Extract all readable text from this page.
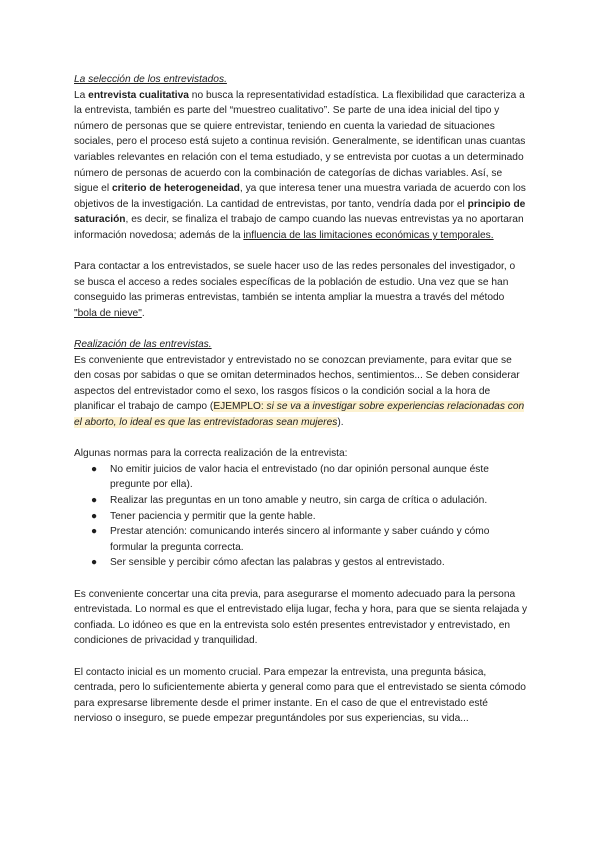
La selección de los entrevistados.

La entrevista cualitativa no busca la representatividad estadística. La flexibilidad que caracteriza a la entrevista, también es parte del “muestreo cualitativo”. Se parte de una idea inicial del tipo y número de personas que se quiere entrevistar, teniendo en cuenta la variedad de situaciones sociales, pero el proceso está sujeto a continua revisión. Generalmente, se identifican unas cuantas variables relevantes en relación con el tema estudiado, y se entrevista por cuotas a un determinado número de personas de acuerdo con la combinación de categorías de dichas variables. Así, se sigue el criterio de heterogeneidad, ya que interesa tener una muestra variada de acuerdo con los objetivos de la investigación. La cantidad de entrevistas, por tanto, vendría dada por el principio de saturación, es decir, se finaliza el trabajo de campo cuando las nuevas entrevistas ya no aportaran información novedosa; además de la influencia de las limitaciones económicas y temporales.

Para contactar a los entrevistados, se suele hacer uso de las redes personales del investigador, o se busca el acceso a redes sociales específicas de la población de estudio. Una vez que se han conseguido las primeras entrevistas, también se intenta ampliar la muestra a través del método "bola de nieve".

Realización de las entrevistas.

Es conveniente que entrevistador y entrevistado no se conozcan previamente, para evitar que se den cosas por sabidas o que se omitan determinados hechos, sentimientos... Se deben considerar aspectos del entrevistador como el sexo, los rasgos físicos o la condición social a la hora de planificar el trabajo de campo (EJEMPLO: si se va a investigar sobre experiencias relacionadas con el aborto, lo ideal es que las entrevistadoras sean mujeres).

Algunas normas para la correcta realización de la entrevista:

● No emitir juicios de valor hacia el entrevistado (no dar opinión personal aunque éste pregunte por ella).
● Realizar las preguntas en un tono amable y neutro, sin carga de crítica o adulación.
● Tener paciencia y permitir que la gente hable.
● Prestar atención: comunicando interés sincero al informante y saber cuándo y cómo formular la pregunta correcta.
● Ser sensible y percibir cómo afectan las palabras y gestos al entrevistado.

Es conveniente concertar una cita previa, para asegurarse el momento adecuado para la persona entrevistada. Lo normal es que el entrevistado elija lugar, fecha y hora, para que se sienta relajada y confiada. Lo idóneo es que en la entrevista solo estén presentes entrevistador y entrevistado, en condiciones de privacidad y tranquilidad.

El contacto inicial es un momento crucial. Para empezar la entrevista, una pregunta básica, centrada, pero lo suficientemente abierta y general como para que el entrevistado se sienta cómodo para expresarse libremente desde el primer instante. En el caso de que el entrevistado esté nervioso o inseguro, se puede empezar preguntándoles por sus experiencias, su vida...
